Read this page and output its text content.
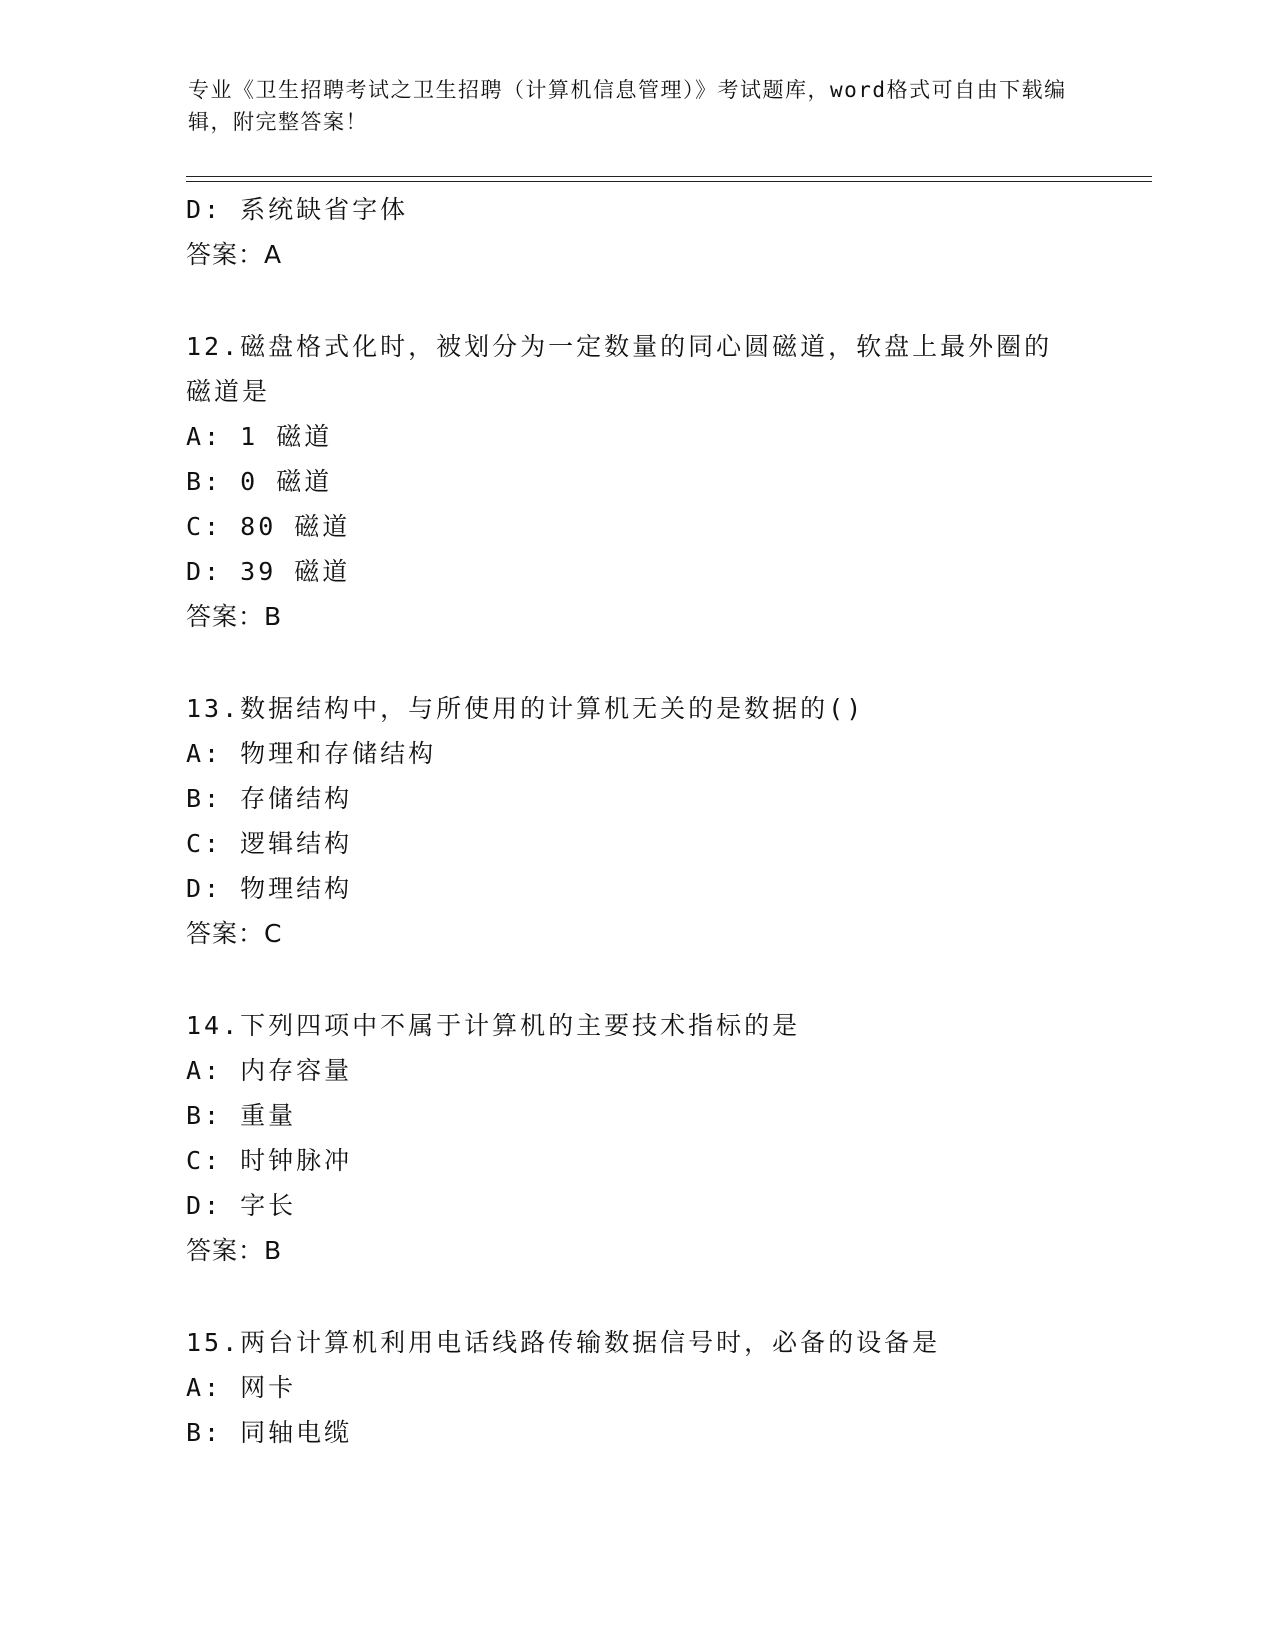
专业《卫生招聘考试之卫生招聘（计算机信息管理）》考试题库，word格式可自由下载编辑，附完整答案！
D: 系统缺省字体
答案：A
12.磁盘格式化时，被划分为一定数量的同心圆磁道，软盘上最外圈的磁道是
A: 1 磁道
B: 0 磁道
C: 80 磁道
D: 39 磁道
答案：B
13.数据结构中，与所使用的计算机无关的是数据的()
A: 物理和存储结构
B: 存储结构
C: 逻辑结构
D: 物理结构
答案：C
14.下列四项中不属于计算机的主要技术指标的是
A: 内存容量
B: 重量
C: 时钟脉冲
D: 字长
答案：B
15.两台计算机利用电话线路传输数据信号时，必备的设备是
A: 网卡
B: 同轴电缆
